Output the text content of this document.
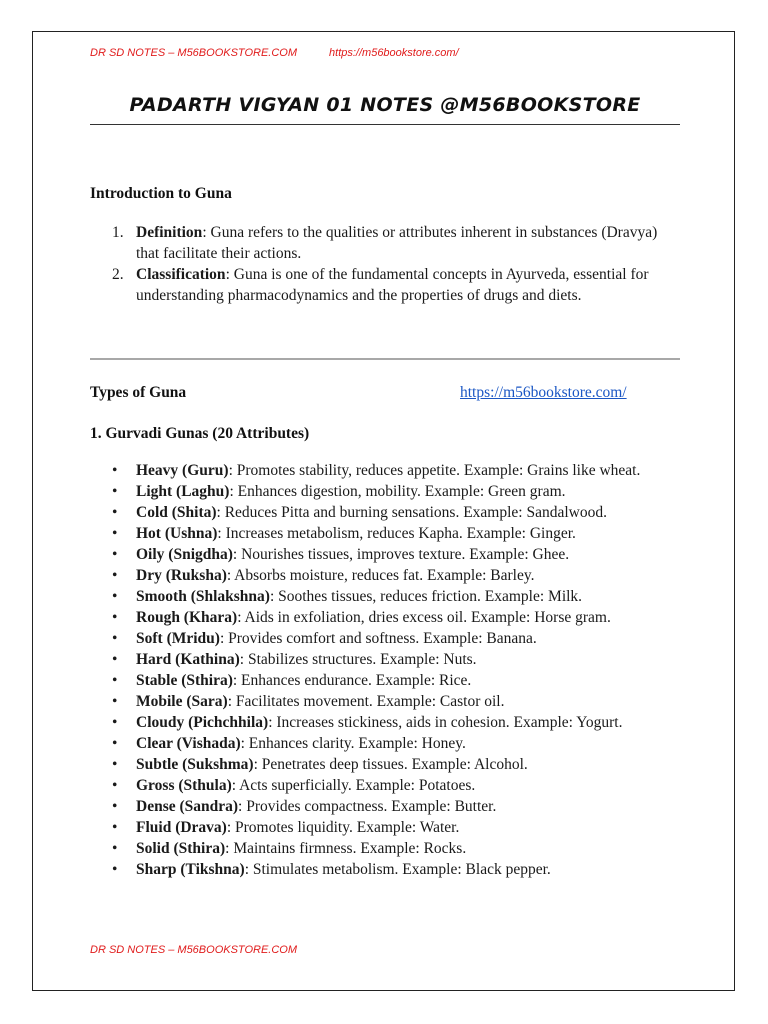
DR SD NOTES – M56BOOKSTORE.COM	https://m56bookstore.com/
PADARTH VIGYAN 01 NOTES @M56BOOKSTORE
Introduction to Guna
1. Definition: Guna refers to the qualities or attributes inherent in substances (Dravya) that facilitate their actions.
2. Classification: Guna is one of the fundamental concepts in Ayurveda, essential for understanding pharmacodynamics and the properties of drugs and diets.
Types of Guna	https://m56bookstore.com/
1. Gurvadi Gunas (20 Attributes)
• Heavy (Guru): Promotes stability, reduces appetite. Example: Grains like wheat.
• Light (Laghu): Enhances digestion, mobility. Example: Green gram.
• Cold (Shita): Reduces Pitta and burning sensations. Example: Sandalwood.
• Hot (Ushna): Increases metabolism, reduces Kapha. Example: Ginger.
• Oily (Snigdha): Nourishes tissues, improves texture. Example: Ghee.
• Dry (Ruksha): Absorbs moisture, reduces fat. Example: Barley.
• Smooth (Shlakshna): Soothes tissues, reduces friction. Example: Milk.
• Rough (Khara): Aids in exfoliation, dries excess oil. Example: Horse gram.
• Soft (Mridu): Provides comfort and softness. Example: Banana.
• Hard (Kathina): Stabilizes structures. Example: Nuts.
• Stable (Sthira): Enhances endurance. Example: Rice.
• Mobile (Sara): Facilitates movement. Example: Castor oil.
• Cloudy (Pichchhila): Increases stickiness, aids in cohesion. Example: Yogurt.
• Clear (Vishada): Enhances clarity. Example: Honey.
• Subtle (Sukshma): Penetrates deep tissues. Example: Alcohol.
• Gross (Sthula): Acts superficially. Example: Potatoes.
• Dense (Sandra): Provides compactness. Example: Butter.
• Fluid (Drava): Promotes liquidity. Example: Water.
• Solid (Sthira): Maintains firmness. Example: Rocks.
• Sharp (Tikshna): Stimulates metabolism. Example: Black pepper.
DR SD NOTES – M56BOOKSTORE.COM
